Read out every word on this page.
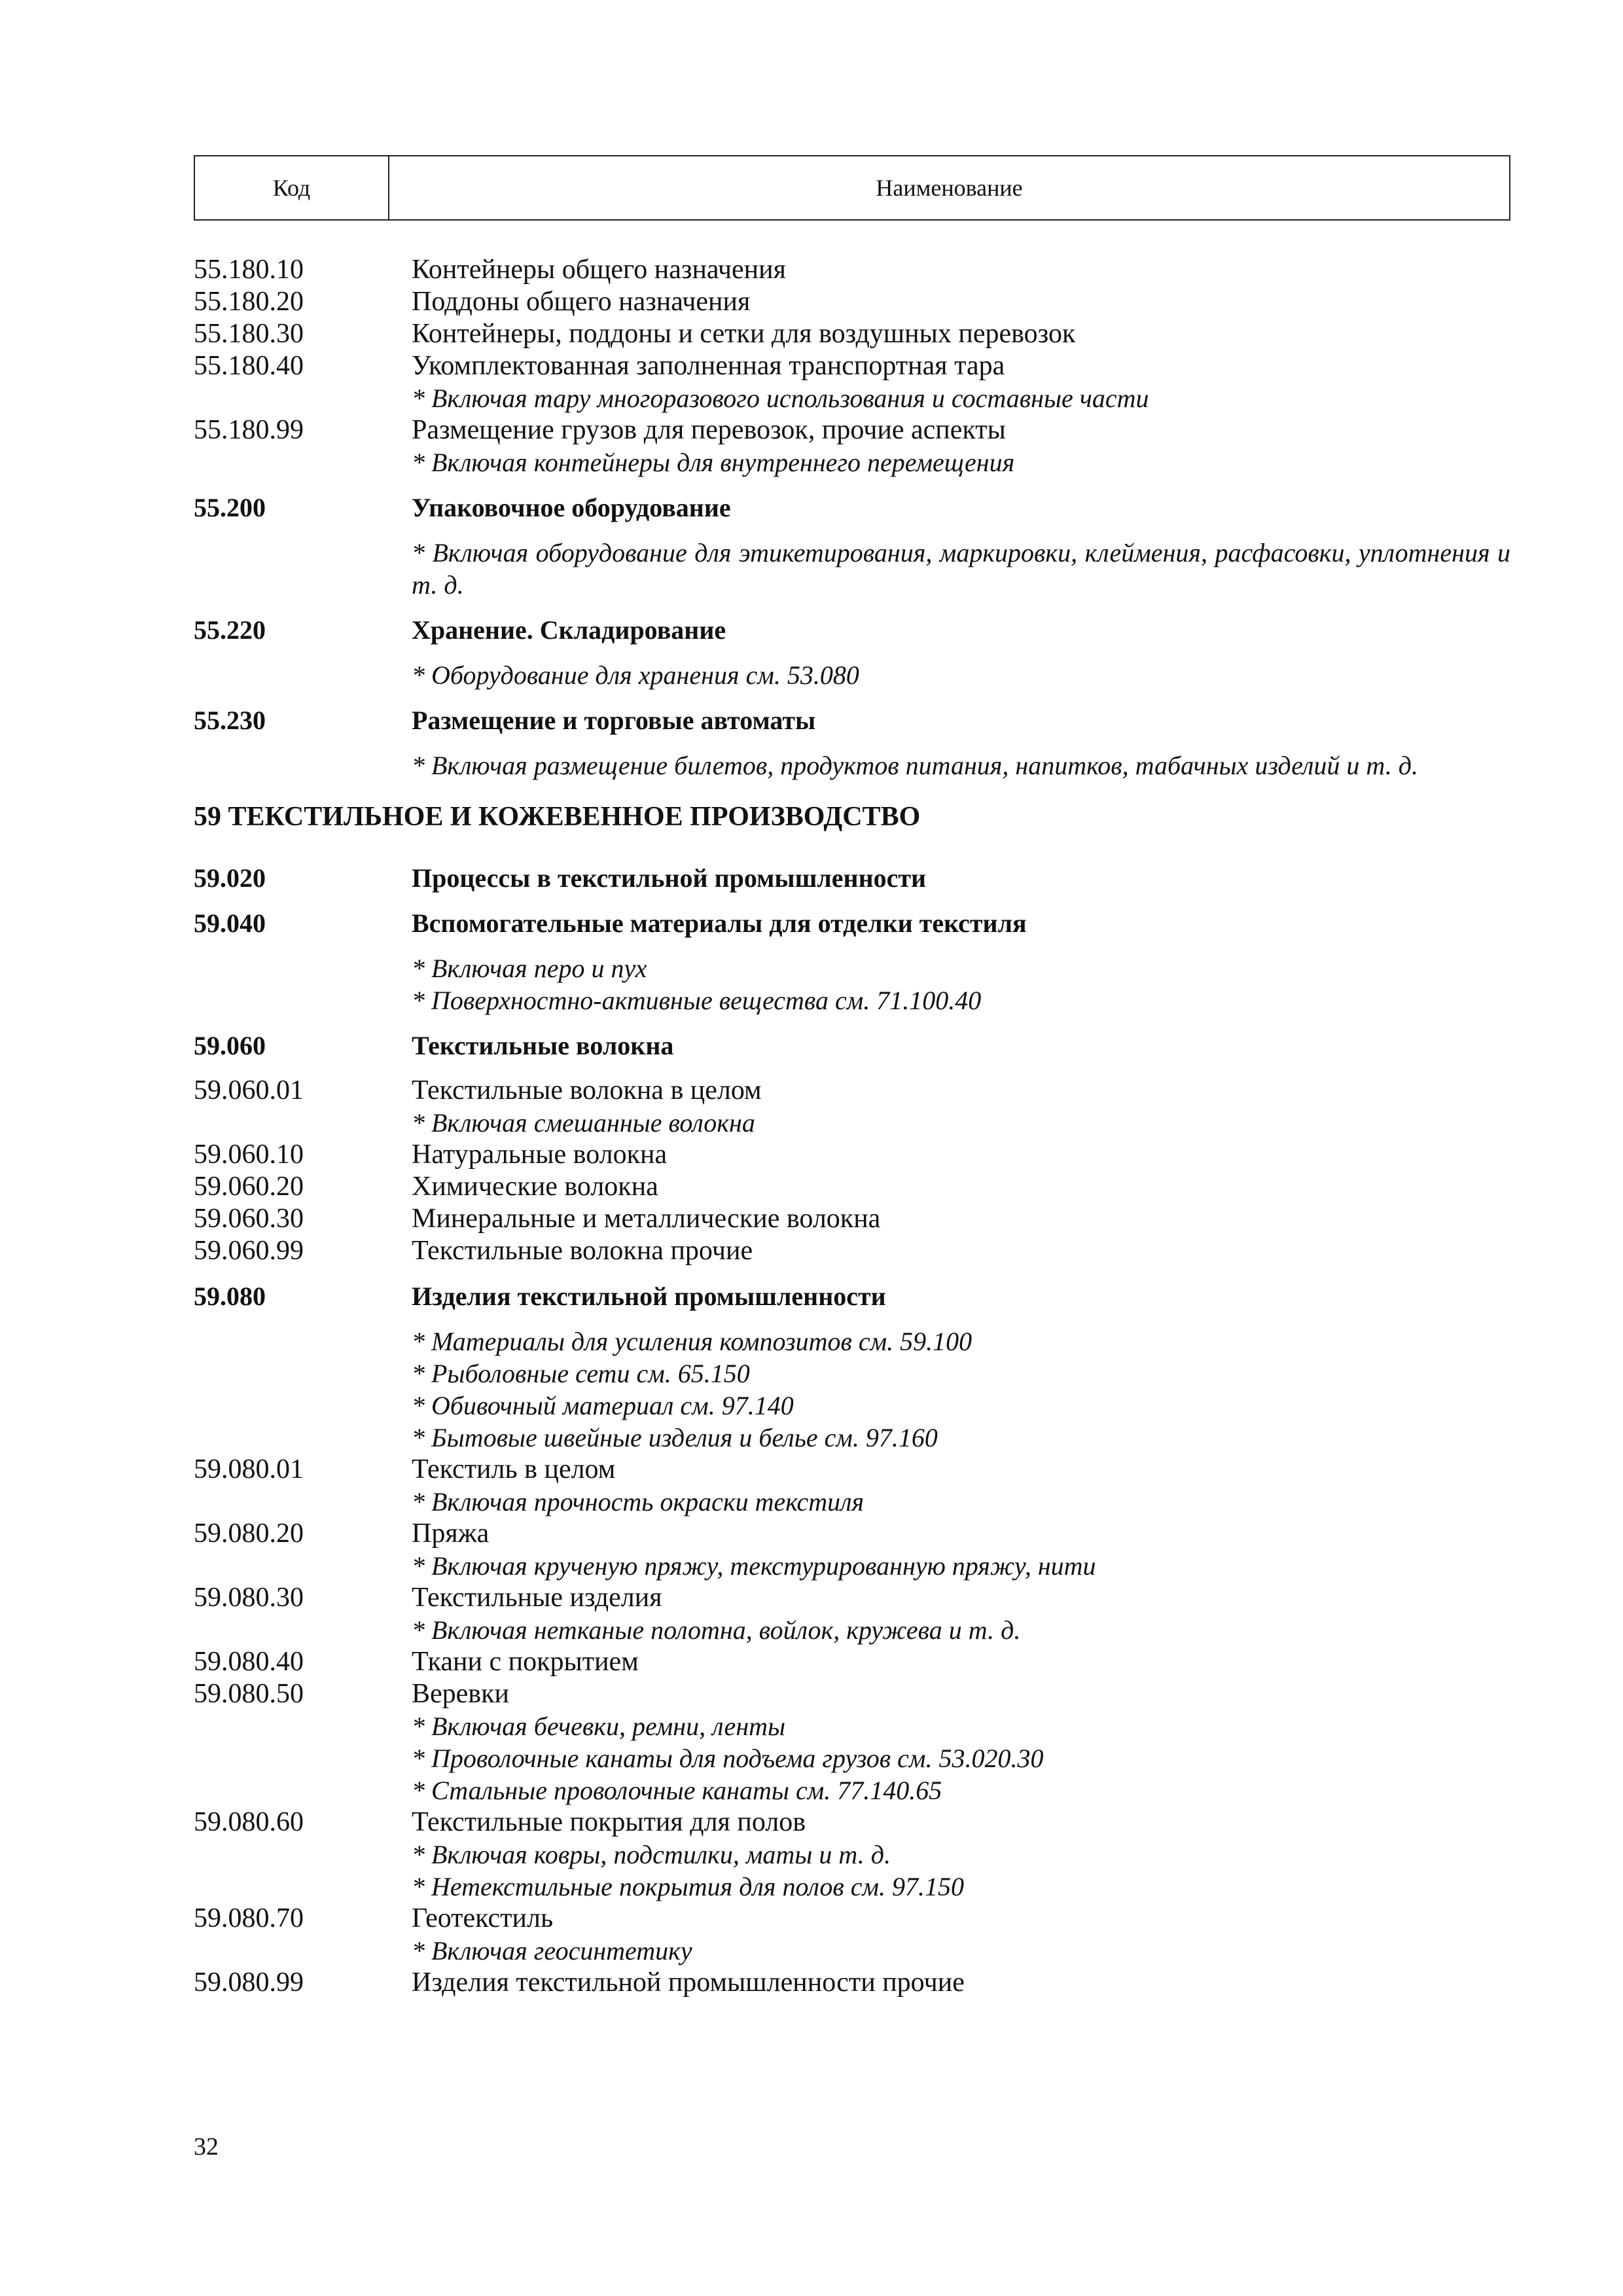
Код	Наименование
55.180.10	Контейнеры общего назначения
55.180.20	Поддоны общего назначения
55.180.30	Контейнеры, поддоны и сетки для воздушных перевозок
55.180.40	Укомплектованная заполненная транспортная тара
* Включая тару многоразового использования и составные части
55.180.99	Размещение грузов для перевозок, прочие аспекты
* Включая контейнеры для внутреннего перемещения
55.200	Упаковочное оборудование
* Включая оборудование для этикетирования, маркировки, клеймения, расфасовки, уплотнения и т. д.
55.220	Хранение. Складирование
* Оборудование для хранения см. 53.080
55.230	Размещение и торговые автоматы
* Включая размещение билетов, продуктов питания, напитков, табачных изделий и т. д.
59 ТЕКСТИЛЬНОЕ И КОЖЕВЕННОЕ ПРОИЗВОДСТВО
59.020	Процессы в текстильной промышленности
59.040	Вспомогательные материалы для отделки текстиля
* Включая перо и пух
* Поверхностно-активные вещества см. 71.100.40
59.060	Текстильные волокна
59.060.01	Текстильные волокна в целом
* Включая смешанные волокна
59.060.10	Натуральные волокна
59.060.20	Химические волокна
59.060.30	Минеральные и металлические волокна
59.060.99	Текстильные волокна прочие
59.080	Изделия текстильной промышленности
* Материалы для усиления композитов см. 59.100
* Рыболовные сети см. 65.150
* Обивочный материал см. 97.140
* Бытовые швейные изделия и белье см. 97.160
59.080.01	Текстиль в целом
* Включая прочность окраски текстиля
59.080.20	Пряжа
* Включая крученую пряжу, текстурированную пряжу, нити
59.080.30	Текстильные изделия
* Включая нетканые полотна, войлок, кружева и т. д.
59.080.40	Ткани с покрытием
59.080.50	Веревки
* Включая бечевки, ремни, ленты
* Проволочные канаты для подъема грузов см. 53.020.30
* Стальные проволочные канаты см. 77.140.65
59.080.60	Текстильные покрытия для полов
* Включая ковры, подстилки, маты и т. д.
* Нетекстильные покрытия для полов см. 97.150
59.080.70	Геотекстиль
* Включая геосинтетику
59.080.99	Изделия текстильной промышленности прочие
32
